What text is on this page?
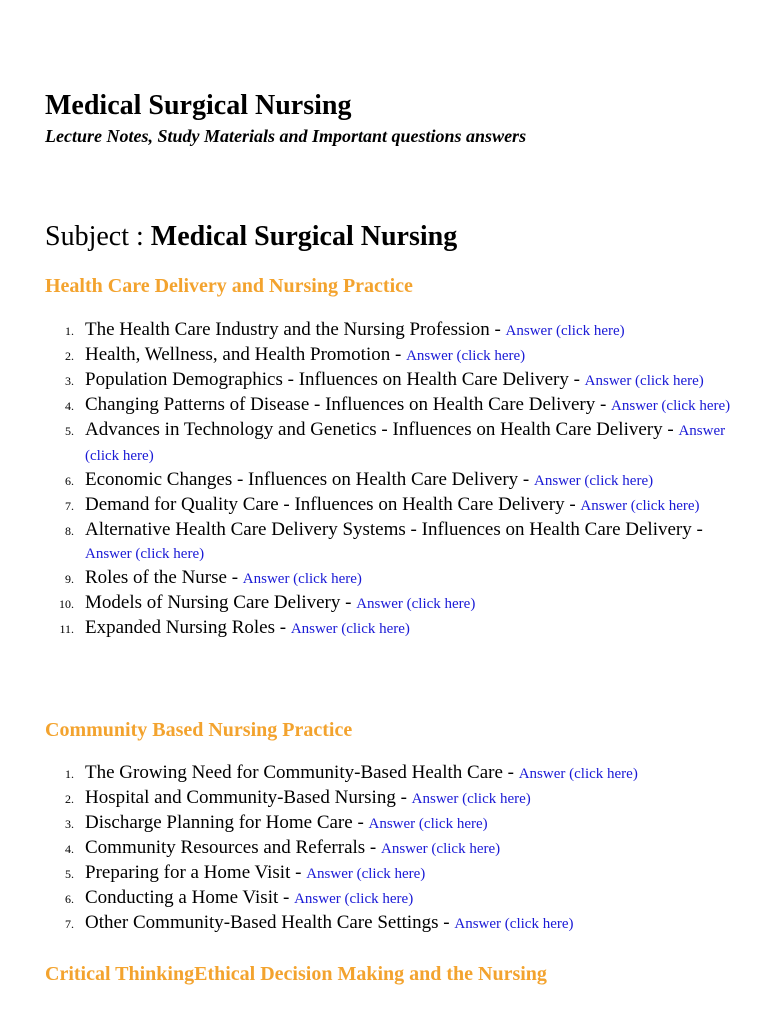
Medical Surgical Nursing
Lecture Notes, Study Materials and Important questions answers
Subject : Medical Surgical Nursing
Health Care Delivery and Nursing Practice
1. The Health Care Industry and the Nursing Profession - Answer (click here)
2. Health, Wellness, and Health Promotion - Answer (click here)
3. Population Demographics - Influences on Health Care Delivery - Answer (click here)
4. Changing Patterns of Disease - Influences on Health Care Delivery - Answer (click here)
5. Advances in Technology and Genetics - Influences on Health Care Delivery - Answer (click here)
6. Economic Changes - Influences on Health Care Delivery - Answer (click here)
7. Demand for Quality Care - Influences on Health Care Delivery - Answer (click here)
8. Alternative Health Care Delivery Systems - Influences on Health Care Delivery - Answer (click here)
9. Roles of the Nurse - Answer (click here)
10. Models of Nursing Care Delivery - Answer (click here)
11. Expanded Nursing Roles - Answer (click here)
Community Based Nursing Practice
1. The Growing Need for Community-Based Health Care - Answer (click here)
2. Hospital and Community-Based Nursing - Answer (click here)
3. Discharge Planning for Home Care - Answer (click here)
4. Community Resources and Referrals - Answer (click here)
5. Preparing for a Home Visit - Answer (click here)
6. Conducting a Home Visit - Answer (click here)
7. Other Community-Based Health Care Settings - Answer (click here)
Critical ThinkingEthical Decision Making and the Nursing
